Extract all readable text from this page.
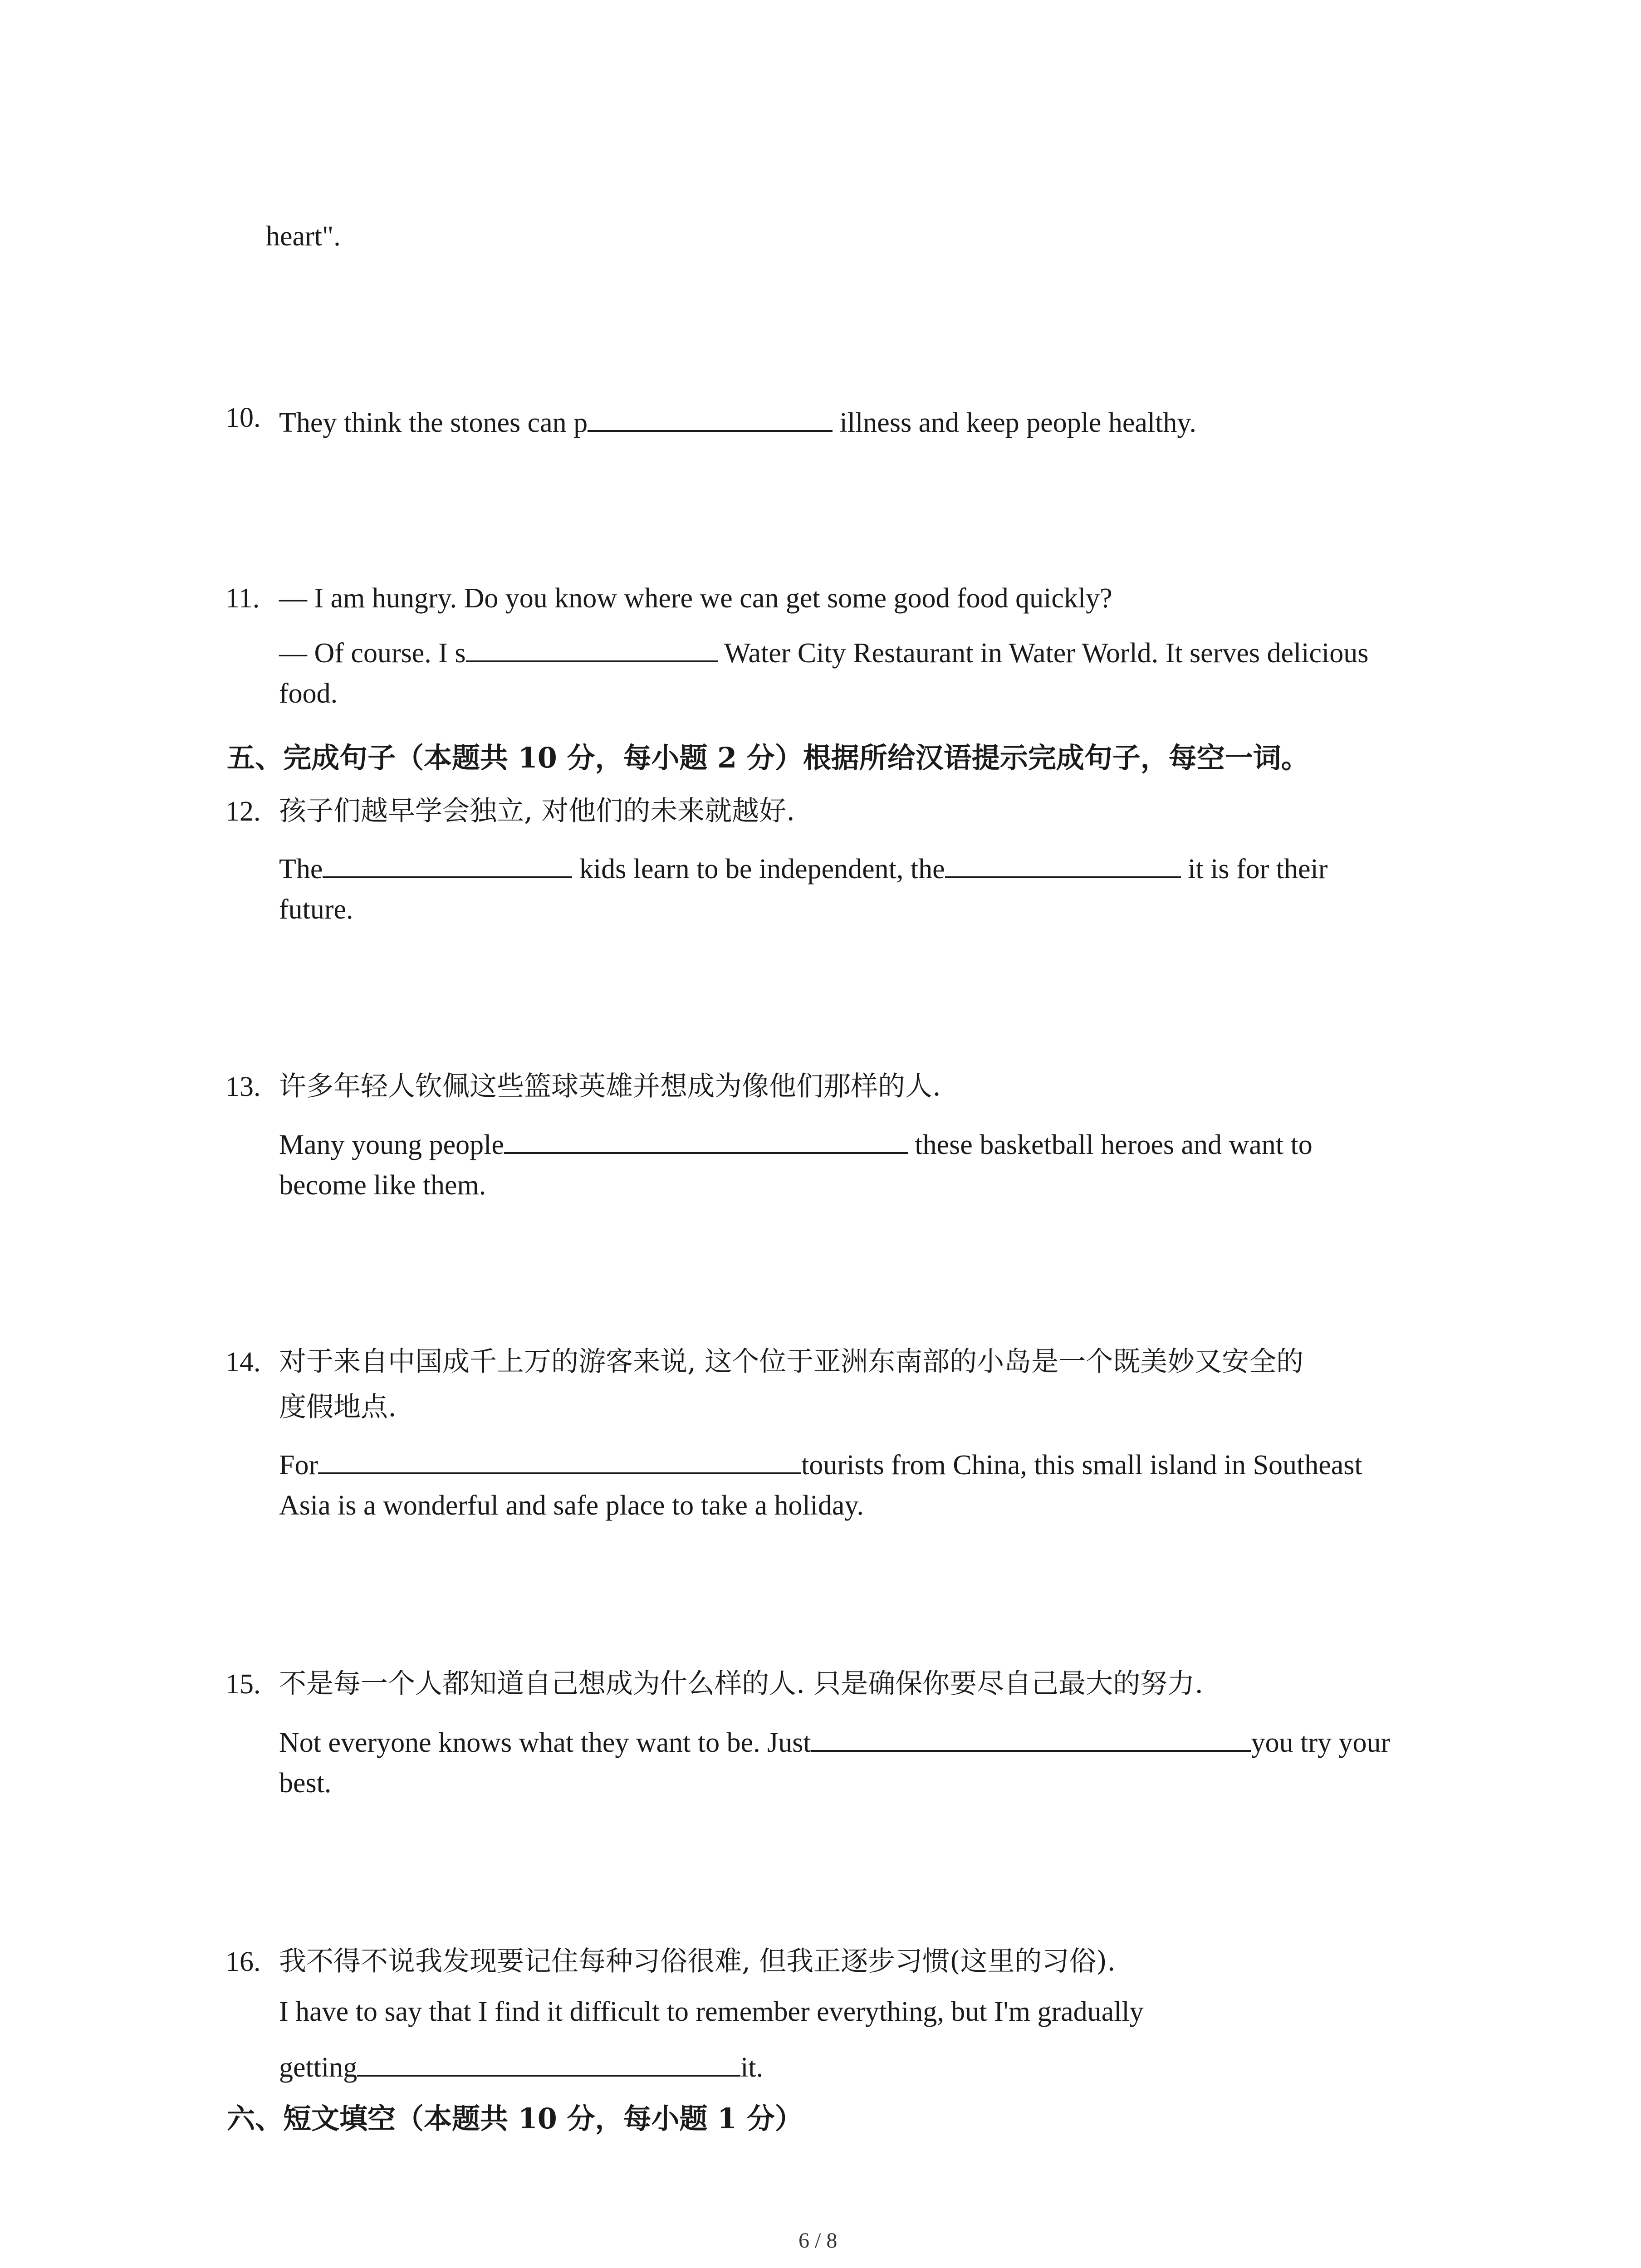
heart".
10. They think the stones can p	illness and keep people healthy.
11. — I am hungry. Do you know where we can get some good food quickly?
— Of course. I s	Water City Restaurant in Water World. It serves delicious
food.
五、完成句子（本题共 10 分，每小题 2 分）根据所给汉语提示完成句子，每空一词。
12. 孩子们越早学会独立, 对他们的未来就越好.
The	kids learn to be independent, the	it is for their
future.
13. 许多年轻人钦佩这些篮球英雄并想成为像他们那样的人.
Many young people	these basketball heroes and want to
become like them.
14. 对于来自中国成千上万的游客来说, 这个位于亚洲东南部的小岛是一个既美妙又安全的
度假地点.
For	tourists from China, this small island in Southeast
Asia is a wonderful and safe place to take a holiday.
15. 不是每一个人都知道自己想成为什么样的人. 只是确保你要尽自己最大的努力.
Not everyone knows what they want to be. Just	you try your
best.
16. 我不得不说我发现要记住每种习俗很难, 但我正逐步习惯(这里的习俗).
I have to say that I find it difficult to remember everything, but I'm gradually
getting	it.
六、短文填空（本题共 10 分，每小题 1 分）
6 / 8
